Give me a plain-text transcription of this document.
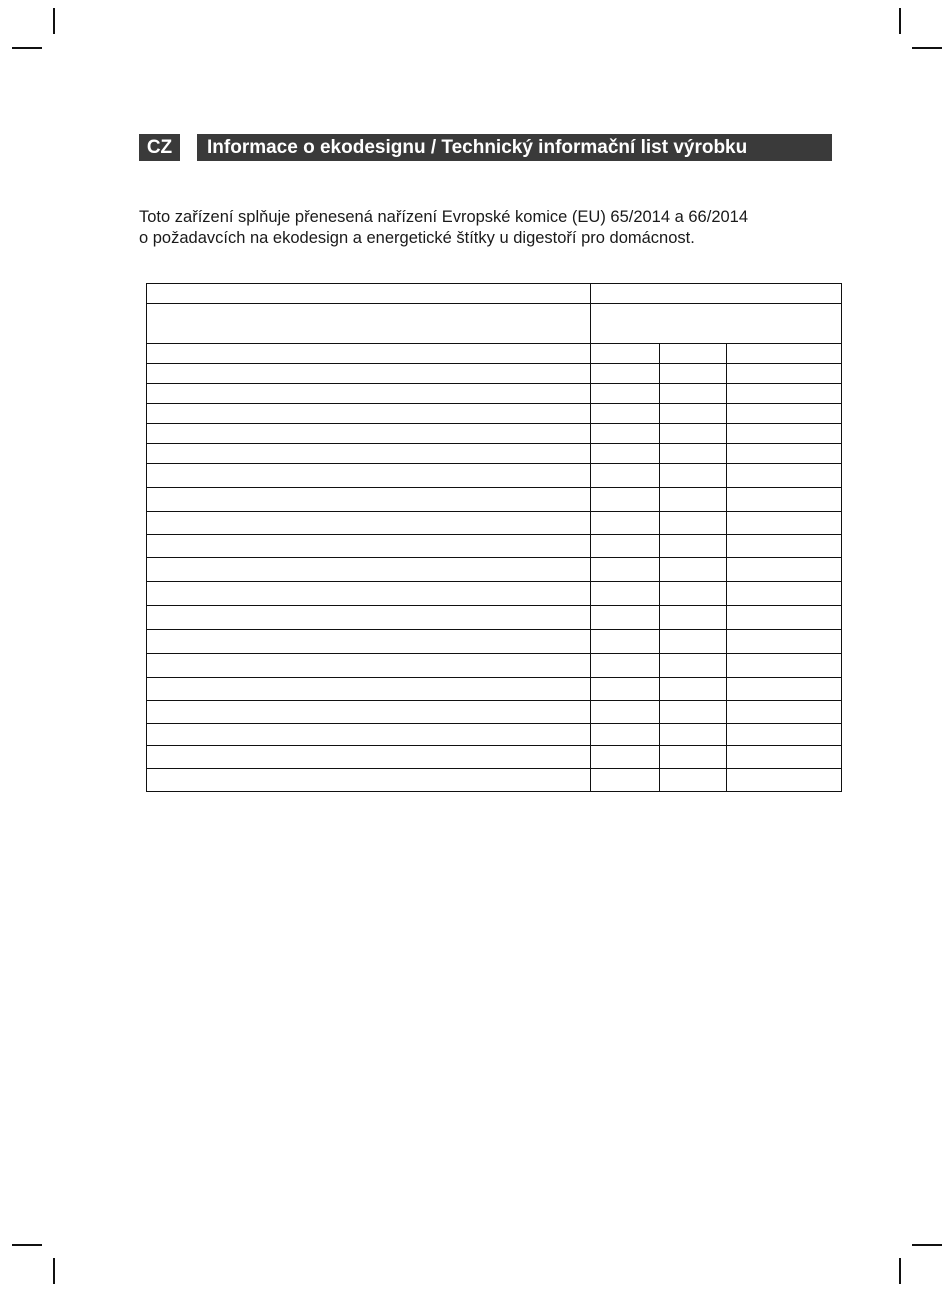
CZ	Informace o ekodesignu / Technický informační list výrobku

Toto zařízení splňuje přenesená nařízení Evropské komice (EU) 65/2014 a 66/2014

o požadavcích na ekodesign a energetické štítky u digestoří pro domácnost.
